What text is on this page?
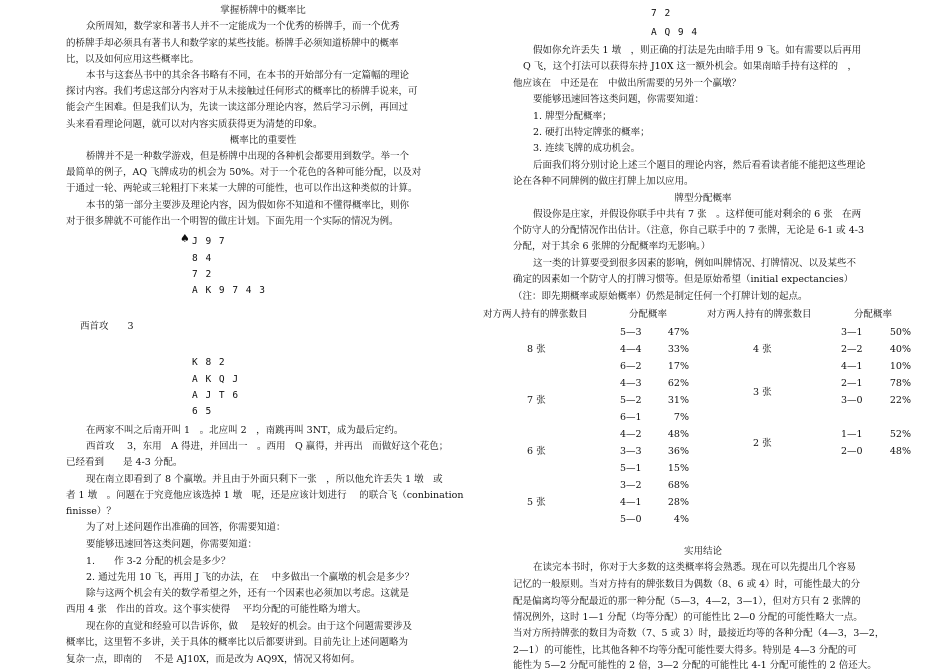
掌握桥牌中的概率比
众所周知，数学家和著书人并不一定能成为一个优秀的桥牌手，而一个优秀
的桥牌手却必须具有著书人和数学家的某些技能。桥牌手必须知道桥牌中的概率
比，以及如何应用这些概率比。
本书与这套丛书中的其余各书略有不同，在本书的开始部分有一定篇幅的理论
探讨内容。我们考虑这部分内容对于从未接触过任何形式的概率比的桥牌手说来，可
能会产生困难。但是我们认为，先读一读这部分理论内容，然后学习示例，再回过
头来看看理论问题，就可以对内容实质获得更为清楚的印象。
概率比的重要性
桥牌并不是一种数学游戏，但是桥牌中出现的各种机会都要用到数学。举一个
最简单的例子，AQ 飞牌成功的机会为 50%。对于一个花色的各种可能分配，以及对
于通过一轮、两轮或三轮粗打下来某一大牌的可能性，也可以作出这种类似的计算。
本书的第一部分主要涉及理论内容，因为假如你不知道和不懂得概率比，则你
对于很多牌就不可能作出一个明智的做庄计划。下面先用一个实际的情况为例。
♠ J 9 7
8 4
7 2
A K 9 7 4 3
西首攻　　3
K 8 2
A K Q J
A J T 6
6 5
在两家不叫之后南开叫 1　。北应叫 2　，南跳再叫 3NT，成为最后定约。
西首攻　 3，东用　A 得进，并回出一　。西用　Q 赢得，并再出　而做好这个花色；
已经看到　　是 4-3 分配。
现在南立即看到了 8 个赢墩。并且由于外面只剩下一张　，所以他允许丢失 1 墩　或
者 1 墩　。问题在于究竟他应该选掉 1 墩　呢，还是应该计划进行　 的联合飞（conbination
finisse）？
为了对上述问题作出准确的回答，你需要知道：
要能够迅速回答这类问题，你需要知道：
1.　　作 3-2 分配的机会是多少？
2. 通过先用 10 飞，再用 J 飞的办法，在　 中多做出一个赢墩的机会是多少？
除与这两个机会有关的数学希望之外，还有一个因素也必须加以考虑。这就是
西用 4 张　作出的首攻。这个事实使得　 平均分配的可能性略为增大。
现在你的直觉和经验可以告诉你，做　 是较好的机会。由于这个问题需要涉及
概率比，这里暂不多讲，关于具体的概率比以后都要讲到。目前先让上述问题略为
复杂一点，即南的　 不是 AJ10X，而是改为 AQ9X，情况又将如何。
7 2
A Q 9 4
假如你允许丢失 1 墩　，则正确的打法是先由暗手用 9 飞。如有需要以后再用
Q 飞，这个打法可以获得东持 J10X 这一额外机会。如果南暗手持有这样的　，
他应该在　中还是在　中做出所需要的另外一个赢墩？
要能够迅速回答这类问题，你需要知道：
1. 牌型分配概率；
2. 硬打出特定牌张的概率；
3. 连续飞牌的成功机会。
后面我们将分别讨论上述三个题目的理论内容，然后看看读者能不能把这些理论
论在各种不同牌例的做庄打牌上加以应用。
牌型分配概率
假设你是庄家，并假设你联手中共有 7 张　。这样便可能对剩余的 6 张　在两
个防守人的分配情况作出估计。（注意，你自己联手中的 7 张牌，无论是 6-1 或 4-3
分配，对于其余 6 张牌的分配概率均无影响。）
这一类的计算要受到很多因素的影响，例如叫牌情况、打牌情况、以及某些不
确定的因素如一个防守人的打牌习惯等。但是原始希望（initial expectancies）
（注：即先期概率或原始概率）仍然是制定任何一个打牌计划的起点。
对方两人持有的牌张数目	分配概率	对方两人持有的牌张数目	分配概率
8 张
5—3	47%
4—4	33%
6—2	17%
7 张
4—3	62%
5—2	31%
6—1	7%
6 张
4—2	48%
3—3	36%
5—1	15%
5 张
3—2	68%
4—1	28%
5—0	4%
4 张
3—1	50%
2—2	40%
4—1	10%
3 张
2—1	78%
3—0	22%
2 张
1—1	52%
2—0	48%
实用结论
在读完本书时，你对于大多数的这类概率将会熟悉。现在可以先提出几个容易
记忆的一般原则。当对方持有的牌张数目为偶数（8、6 或 4）时，可能性最大的分
配是偏离均等分配最近的那一种分配（5—3，4—2，3—1），但对方只有 2 张牌的
情况例外，这时 1—1 分配（均等分配）的可能性比 2—0 分配的可能性略大一点。
当对方所持牌张的数目为奇数（7、5 或 3）时，最接近均等的各种分配（4—3，3—2，
2—1）的可能性，比其他各种不均等分配可能性要大得多。特别是 4—3 分配的可
能性为 5—2 分配可能性的 2 倍，3—2 分配的可能性比 4-1 分配可能性的 2 倍还大。
